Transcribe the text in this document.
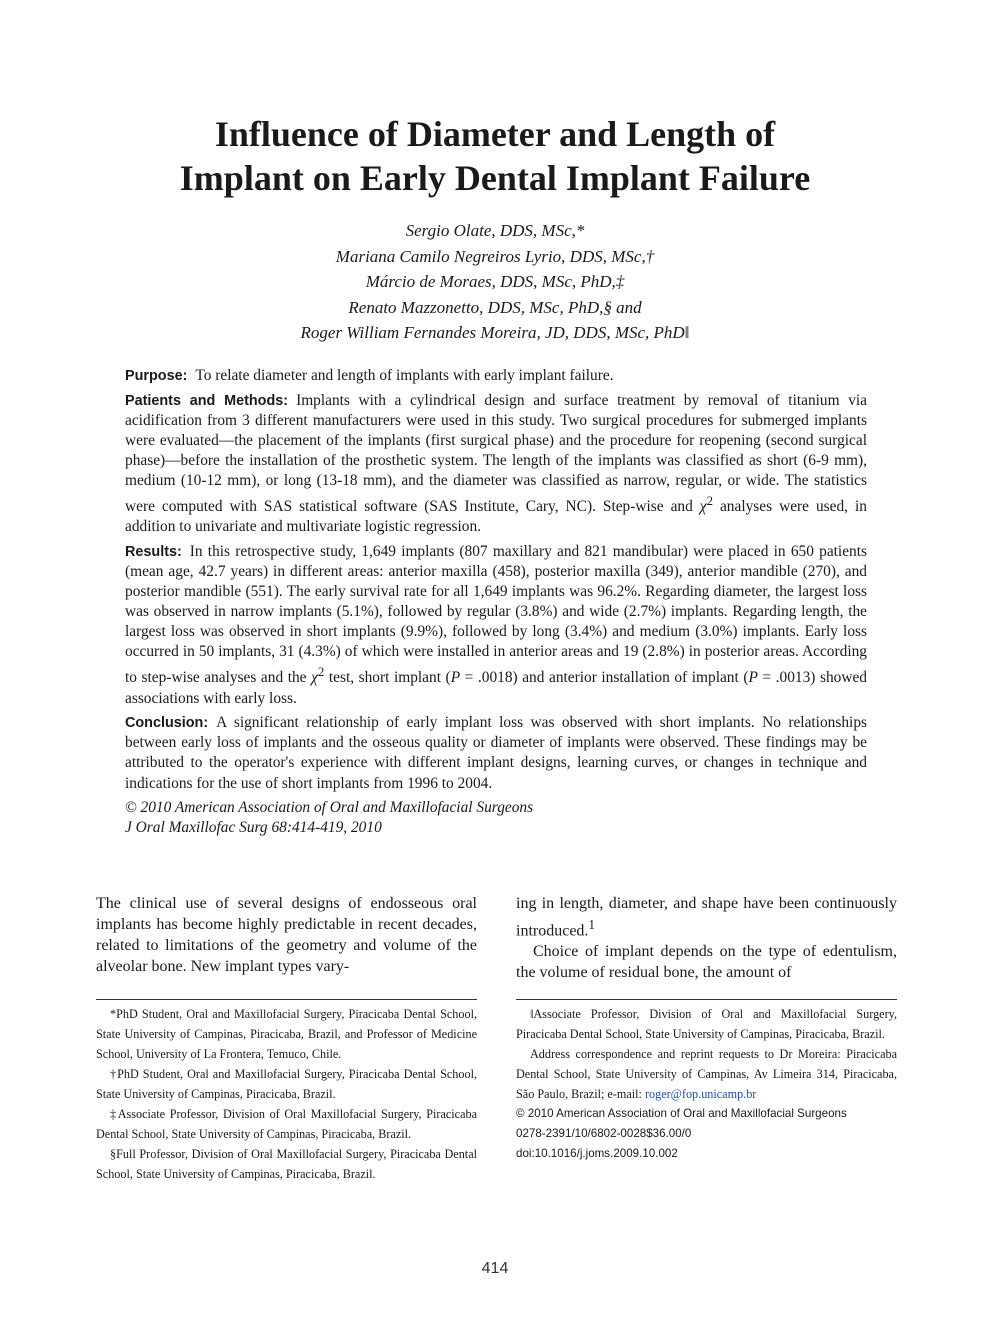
Influence of Diameter and Length of
Implant on Early Dental Implant Failure
Sergio Olate, DDS, MSc,*
Mariana Camilo Negreiros Lyrio, DDS, MSc,†
Márcio de Moraes, DDS, MSc, PhD,‡
Renato Mazzonetto, DDS, MSc, PhD,§ and
Roger William Fernandes Moreira, JD, DDS, MSc, PhD‖

Purpose: To relate diameter and length of implants with early implant failure.

Patients and Methods: Implants with a cylindrical design and surface treatment by removal of titanium via acidification from 3 different manufacturers were used in this study. Two surgical procedures for submerged implants were evaluated—the placement of the implants (first surgical phase) and the procedure for reopening (second surgical phase)—before the installation of the prosthetic system. The length of the implants was classified as short (6-9 mm), medium (10-12 mm), or long (13-18 mm), and the diameter was classified as narrow, regular, or wide. The statistics were computed with SAS statistical software (SAS Institute, Cary, NC). Step-wise and $\chi^2$ analyses were used, in addition to univariate and multivariate logistic regression.

Results: In this retrospective study, 1,649 implants (807 maxillary and 821 mandibular) were placed in 650 patients (mean age, 42.7 years) in different areas: anterior maxilla (458), posterior maxilla (349), anterior mandible (270), and posterior mandible (551). The early survival rate for all 1,649 implants was 96.2%. Regarding diameter, the largest loss was observed in narrow implants (5.1%), followed by regular (3.8%) and wide (2.7%) implants. Regarding length, the largest loss was observed in short implants (9.9%), followed by long (3.4%) and medium (3.0%) implants. Early loss occurred in 50 implants, 31 (4.3%) of which were installed in anterior areas and 19 (2.8%) in posterior areas. According to step-wise analyses and the $\chi^2$ test, short implant (P = .0018) and anterior installation of implant (P = .0013) showed associations with early loss.

Conclusion: A significant relationship of early implant loss was observed with short implants. No relationships between early loss of implants and the osseous quality or diameter of implants were observed. These findings may be attributed to the operator's experience with different implant designs, learning curves, or changes in technique and indications for the use of short implants from 1996 to 2004.

© 2010 American Association of Oral and Maxillofacial Surgeons

J Oral Maxillofac Surg 68:414-419, 2010

The clinical use of several designs of endosseous oral implants has become highly predictable in recent decades, related to limitations of the geometry and volume of the alveolar bone. New implant types vary-

ing in length, diameter, and shape have been continuously introduced.$^1$

Choice of implant depends on the type of edentulism, the volume of residual bone, the amount of

*PhD Student, Oral and Maxillofacial Surgery, Piracicaba Dental School, State University of Campinas, Piracicaba, Brazil, and Professor of Medicine School, University of La Frontera, Temuco, Chile.

†PhD Student, Oral and Maxillofacial Surgery, Piracicaba Dental School, State University of Campinas, Piracicaba, Brazil.

‡Associate Professor, Division of Oral Maxillofacial Surgery, Piracicaba Dental School, State University of Campinas, Piracicaba, Brazil.

§Full Professor, Division of Oral Maxillofacial Surgery, Piracicaba Dental School, State University of Campinas, Piracicaba, Brazil.

‖Associate Professor, Division of Oral and Maxillofacial Surgery, Piracicaba Dental School, State University of Campinas, Piracicaba, Brazil.

Address correspondence and reprint requests to Dr Moreira: Piracicaba Dental School, State University of Campinas, Av Limeira 314, Piracicaba, São Paulo, Brazil; e-mail: roger@fop.unicamp.br

© 2010 American Association of Oral and Maxillofacial Surgeons

0278-2391/10/6802-0028$36.00/0

doi:10.1016/j.joms.2009.10.002

414
